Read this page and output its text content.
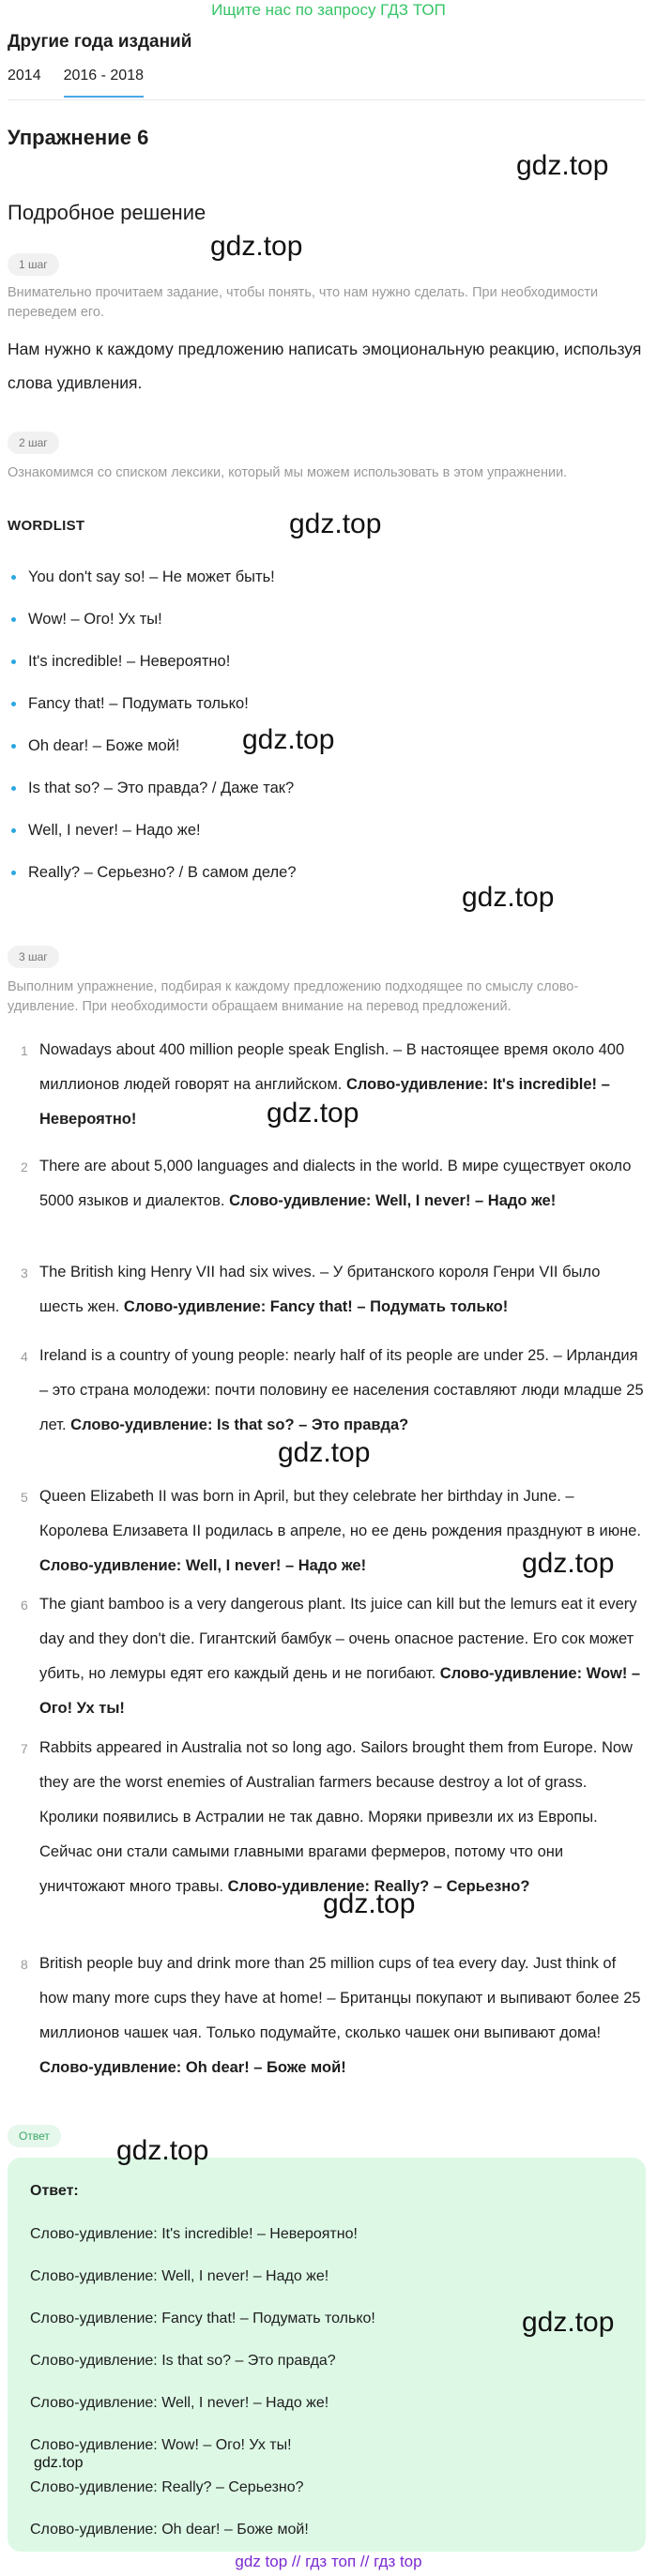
Ищите нас по запросу ГДЗ ТОП
Другие года изданий
2014 2016 - 2018
Упражнение 6
Подробное решение
1 шаг
Внимательно прочитаем задание, чтобы понять, что нам нужно сделать. При необходимости переведем его.
Нам нужно к каждому предложению написать эмоциональную реакцию, используя слова удивления.
2 шаг
Ознакомимся со списком лексики, который мы можем использовать в этом упражнении.
WORDLIST
You don't say so! – Не может быть!
Wow! – Ого! Ух ты!
It's incredible! – Невероятно!
Fancy that! – Подумать только!
Oh dear! – Боже мой!
Is that so? – Это правда? / Даже так?
Well, I never! – Надо же!
Really? – Серьезно? / В самом деле?
3 шаг
Выполним упражнение, подбирая к каждому предложению подходящее по смыслу слово-удивление. При необходимости обращаем внимание на перевод предложений.
1 Nowadays about 400 million people speak English. – В настоящее время около 400 миллионов людей говорят на английском. Слово-удивление: It's incredible! – Невероятно!
2 There are about 5,000 languages and dialects in the world. В мире существует около 5000 языков и диалектов. Слово-удивление: Well, I never! – Надо же!
3 The British king Henry VII had six wives. – У британского короля Генри VII было шесть жен. Слово-удивление: Fancy that! – Подумать только!
4 Ireland is a country of young people: nearly half of its people are under 25. – Ирландия – это страна молодежи: почти половину ее населения составляют люди младше 25 лет. Слово-удивление: Is that so? – Это правда?
5 Queen Elizabeth II was born in April, but they celebrate her birthday in June. – Королева Елизавета II родилась в апреле, но ее день рождения празднуют в июне. Слово-удивление: Well, I never! – Надо же!
6 The giant bamboo is a very dangerous plant. Its juice can kill but the lemurs eat it every day and they don't die. Гигантский бамбук – очень опасное растение. Его сок может убить, но лемуры едят его каждый день и не погибают. Слово-удивление: Wow! – Ого! Ух ты!
7 Rabbits appeared in Australia not so long ago. Sailors brought them from Europe. Now they are the worst enemies of Australian farmers because destroy a lot of grass. Кролики появились в Астралии не так давно. Моряки привезли их из Европы. Сейчас они стали самыми главными врагами фермеров, потому что они уничтожают много травы. Слово-удивление: Really? – Серьезно?
8 British people buy and drink more than 25 million cups of tea every day. Just think of how many more cups they have at home! – Британцы покупают и выпивают более 25 миллионов чашек чая. Только подумайте, сколько чашек они выпивают дома! Слово-удивление: Oh dear! – Боже мой!
Ответ
Ответ:
Слово-удивление: It's incredible! – Невероятно!
Слово-удивление: Well, I never! – Надо же!
Слово-удивление: Fancy that! – Подумать только!
Слово-удивление: Is that so? – Это правда?
Слово-удивление: Well, I never! – Надо же!
Слово-удивление: Wow! – Ого! Ух ты!
Слово-удивление: Really? – Серьезно?
Слово-удивление: Oh dear! – Боже мой!
gdz.top
gdz.top
gdz.top
gdz.top
gdz.top
gdz.top
gdz.top
gdz.top
gdz.top
gdz.top
gdz.top
gdz.top
gdz top // гдз топ // гдз top
